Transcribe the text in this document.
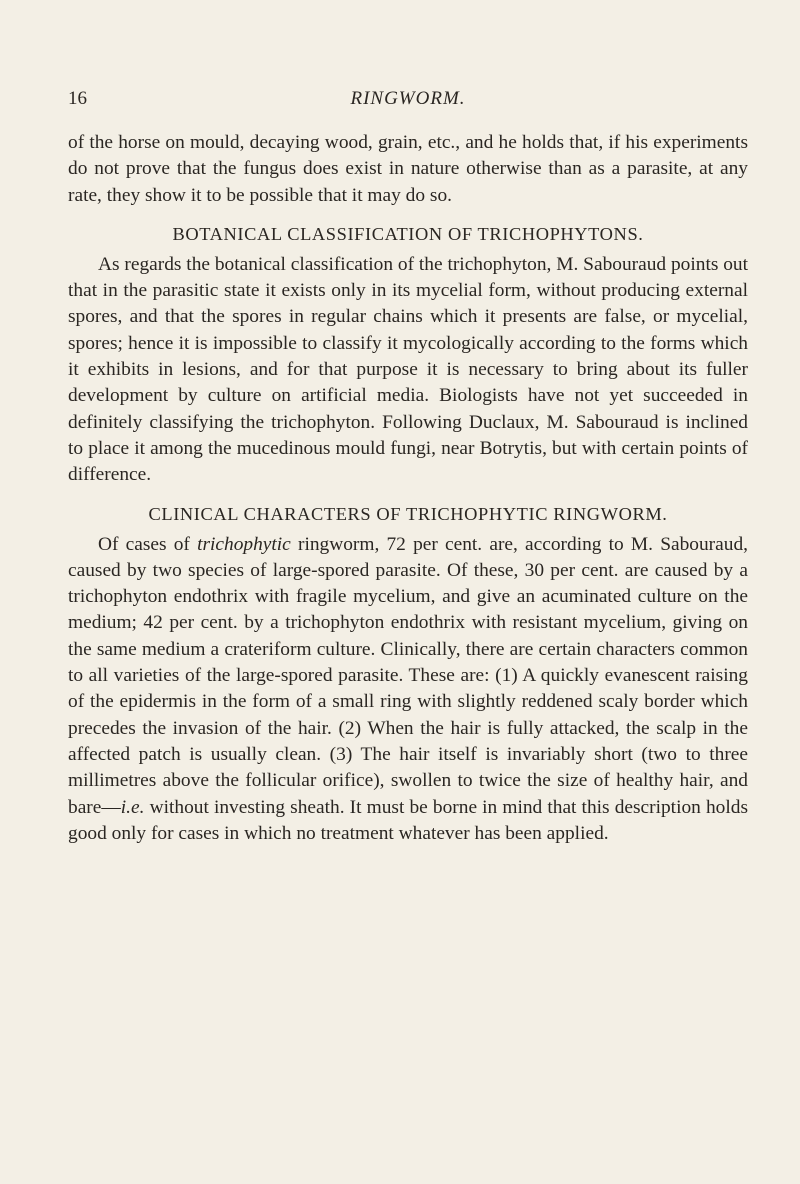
16	RINGWORM.

of the horse on mould, decaying wood, grain, etc., and he holds that, if his experiments do not prove that the fungus does exist in nature otherwise than as a parasite, at any rate, they show it to be possible that it may do so.

BOTANICAL CLASSIFICATION OF TRICHOPHYTONS.

As regards the botanical classification of the trichophyton, M. Sabouraud points out that in the parasitic state it exists only in its mycelial form, without producing external spores, and that the spores in regular chains which it presents are false, or mycelial, spores; hence it is impossible to classify it mycologically according to the forms which it exhibits in lesions, and for that purpose it is necessary to bring about its fuller development by culture on artificial media. Biologists have not yet succeeded in definitely classifying the trichophyton. Following Duclaux, M. Sabouraud is inclined to place it among the mucedinous mould fungi, near Botrytis, but with certain points of difference.

CLINICAL CHARACTERS OF TRICHOPHYTIC RINGWORM.

Of cases of trichophytic ringworm, 72 per cent. are, according to M. Sabouraud, caused by two species of large-spored parasite. Of these, 30 per cent. are caused by a trichophyton endothrix with fragile mycelium, and give an acuminated culture on the medium; 42 per cent. by a trichophyton endothrix with resistant mycelium, giving on the same medium a crateriform culture. Clinically, there are certain characters common to all varieties of the large-spored parasite. These are: (1) A quickly evanescent raising of the epidermis in the form of a small ring with slightly reddened scaly border which precedes the invasion of the hair. (2) When the hair is fully attacked, the scalp in the affected patch is usually clean. (3) The hair itself is invariably short (two to three millimetres above the follicular orifice), swollen to twice the size of healthy hair, and bare—i.e. without investing sheath. It must be borne in mind that this description holds good only for cases in which no treatment whatever has been applied.
